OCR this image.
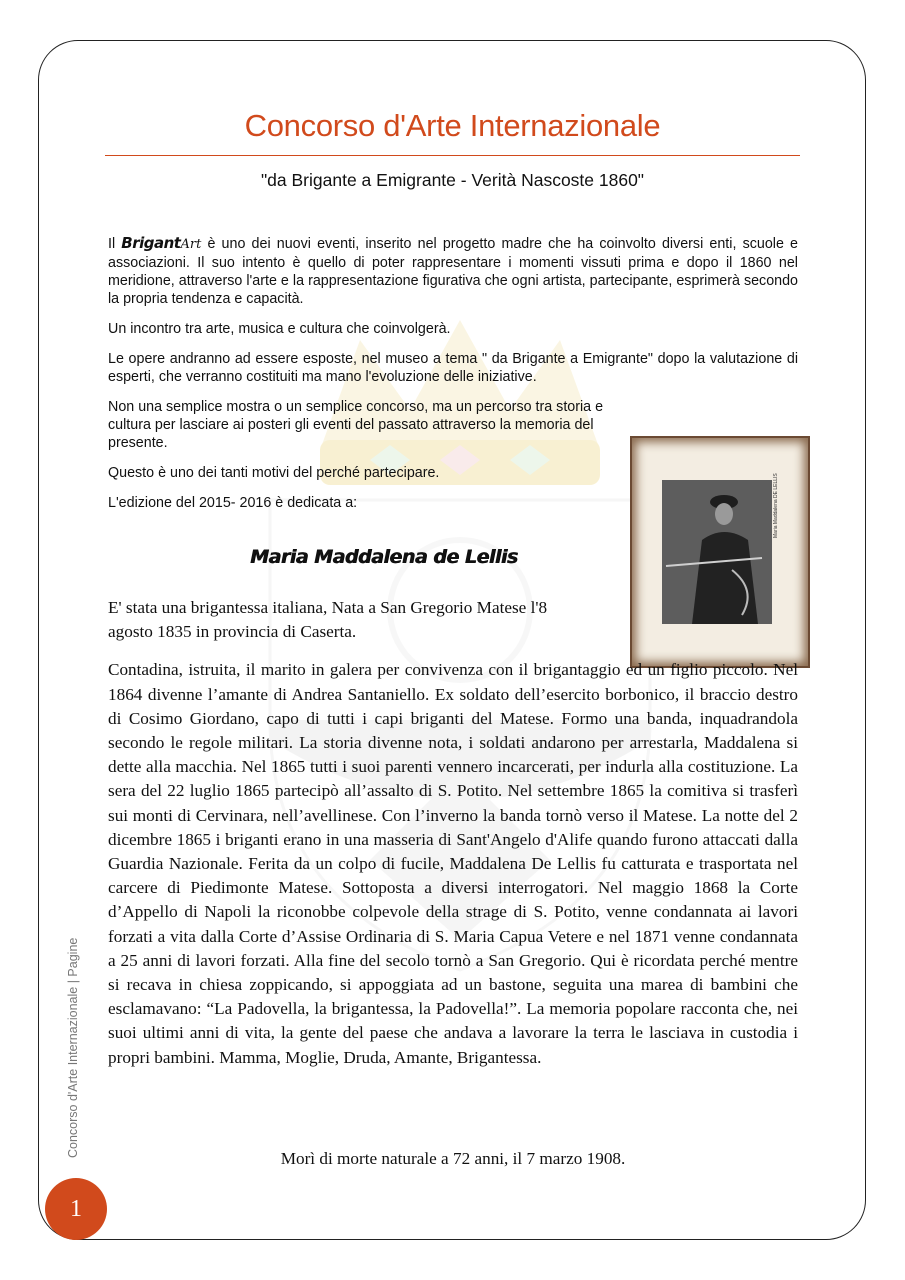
Concorso d'Arte Internazionale
"da Brigante a Emigrante - Verità Nascoste 1860"

Il BrigantArt è uno dei nuovi eventi, inserito nel progetto madre che ha coinvolto diversi enti, scuole e associazioni. Il suo intento è quello di poter rappresentare i momenti vissuti prima e dopo il 1860 nel meridione, attraverso l'arte e la rappresentazione figurativa che ogni artista, partecipante, esprimerà secondo la propria tendenza e capacità.

Un incontro tra arte, musica e cultura che coinvolgerà.

Le opere andranno ad essere esposte, nel museo a tema " da Brigante a Emigrante" dopo la valutazione di esperti, che verranno costituiti ma mano l'evoluzione delle iniziative.

Non una semplice mostra o un semplice concorso, ma un percorso tra storia e cultura per lasciare ai posteri gli eventi del passato attraverso la memoria del presente.

Questo è uno dei tanti motivi del perché partecipare.

L'edizione del 2015- 2016 è dedicata a:

Maria Maddalena de Lellis
Maria Maddalena DE LELLIS

E' stata una brigantessa italiana, Nata a San Gregorio Matese l'8 agosto 1835 in provincia di Caserta.

Contadina, istruita, il marito in galera per convivenza con il brigantaggio ed un figlio piccolo. Nel 1864 divenne l’amante di Andrea Santaniello. Ex soldato dell’esercito borbonico, il braccio destro di Cosimo Giordano, capo di tutti i capi briganti del Matese. Formo una banda, inquadrandola secondo le regole militari. La storia divenne nota, i soldati andarono per arrestarla, Maddalena si dette alla macchia. Nel 1865 tutti i suoi parenti vennero incarcerati, per indurla alla costituzione. La sera del 22 luglio 1865 partecipò all’assalto di S. Potito. Nel settembre 1865 la comitiva si trasferì sui monti di Cervinara, nell’avellinese. Con l’inverno la banda tornò verso il Matese. La notte del 2 dicembre 1865 i briganti erano in una masseria di Sant'Angelo d'Alife quando furono attaccati dalla Guardia Nazionale. Ferita da un colpo di fucile, Maddalena De Lellis fu catturata e trasportata nel carcere di Piedimonte Matese. Sottoposta a diversi interrogatori. Nel maggio 1868 la Corte d’Appello di Napoli la riconobbe colpevole della strage di S. Potito, venne condannata ai lavori forzati a vita dalla Corte d’Assise Ordinaria di S. Maria Capua Vetere e nel 1871 venne condannata a 25 anni di lavori forzati. Alla fine del secolo tornò a San Gregorio. Qui è ricordata perché mentre si recava in chiesa zoppicando, si appoggiata ad un bastone, seguita una marea di bambini che esclamavano: “La Padovella, la brigantessa, la Padovella!”. La memoria popolare racconta che, nei suoi ultimi anni di vita, la gente del paese che andava a lavorare la terra le lasciava in custodia i propri bambini. Mamma, Moglie, Druda, Amante, Brigantessa.

Morì di morte naturale a 72 anni, il 7 marzo 1908.
Concorso d'Arte Internazionale | Pagine
1
